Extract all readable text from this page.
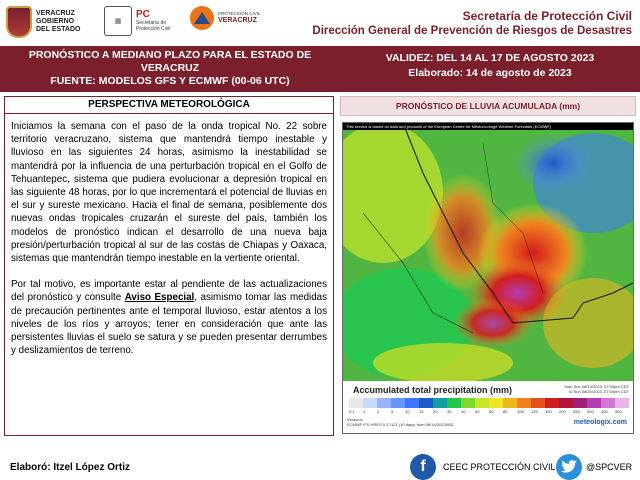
VERACRUZ
GOBIERNO
DEL ESTADO
▦
PC
Secretaría de
Protección Civil
PROTECCIÓN CIVIL
VERACRUZ	Secretaría de Protección Civil
Dirección General de Prevención de Riesgos de Desastres
PRONÓSTICO A MEDIANO PLAZO PARA EL ESTADO DE
VERACRUZ
FUENTE: MODELOS GFS Y ECMWF (00-06 UTC)
VALIDEZ: DEL 14 AL 17 DE AGOSTO 2023
Elaborado: 14 de agosto de 2023
PERSPECTIVA METEOROLÓGICA

Iniciamos la semana con el paso de la onda tropical No. 22 sobre territorio veracruzano, sistema que mantendrá tiempo inestable y lluvioso en las siguientes 24 horas, asimismo la inestabilidad se mantendrá por la influencia de una perturbación tropical en el Golfo de Tehuantepec, sistema que pudiera evolucionar a depresión tropical en las siguiente 48 horas, por lo que incrementará el potencial de lluvias en el sur y sureste mexicano. Hacia el final de semana, posiblemente dos nuevas ondas tropicales cruzarán el sureste del país, también los modelos de pronóstico indican el desarrollo de una nueva baja presión/perturbación tropical al sur de las costas de Chiapas y Oaxaca, sistemas que mantendrán tiempo inestable en la vertiente oriental.

Por tal motivo, es importante estar al pendiente de las actualizaciones del pronóstico y consulte Aviso Especial, asimismo tomar las medidas de precaución pertinentes ante el temporal lluvioso, estar atentos a los niveles de los ríos y arroyos; tener en consideración que ante las persistentes lluvias el suelo se satura y se pueden presentar derrumbes y deslizamientos de terreno.

PRONÓSTICO DE LLUVIA ACUMULADA (mm)
This service is based on data and products of the European Centre for Medium-range Weather Forecasts (ECMWF)
Accumulated total precipitation (mm)	from Sun 08/13/2023, 07:00pm CDT
to Sun 08/20/2023, 07:00pm CDT
0.1	1	2	5	10	15	20	30	40	50	60	80	100	125	150	200	250	300	400	500
Veracruz
ECMWF IFS HRES 0.1°/121 (10 days) from 08/14/2023/002	meteologix.com
Elaboró: Itzel López Ortiz	f	CEEC PROTECCIÓN CIVIL	@SPCVER
